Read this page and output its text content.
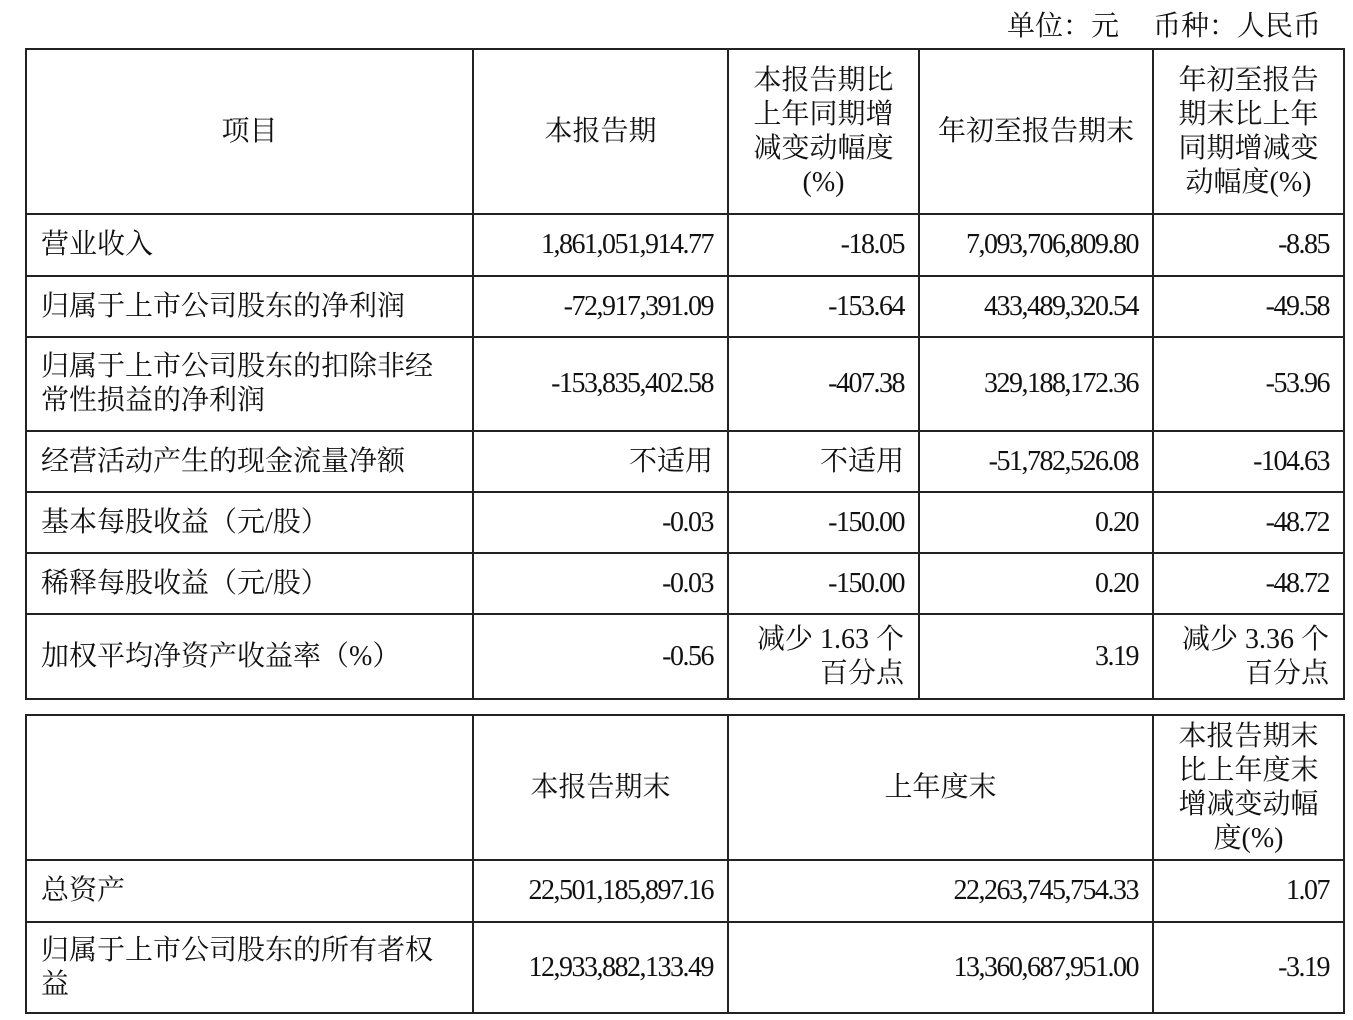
单位：元 币种：人民币
项目	本报告期	本报告期比上年同期增减变动幅度(%)	年初至报告期末	年初至报告期末比上年同期增减变动幅度(%)
营业收入	1,861,051,914.77	-18.05	7,093,706,809.80	-8.85
归属于上市公司股东的净利润	-72,917,391.09	-153.64	433,489,320.54	-49.58
归属于上市公司股东的扣除非经常性损益的净利润	-153,835,402.58	-407.38	329,188,172.36	-53.96
经营活动产生的现金流量净额	不适用	不适用	-51,782,526.08	-104.63
基本每股收益（元/股）	-0.03	-150.00	0.20	-48.72
稀释每股收益（元/股）	-0.03	-150.00	0.20	-48.72
加权平均净资产收益率（%）	-0.56	减少 1.63 个百分点	3.19	减少 3.36 个百分点
	本报告期末	上年度末	本报告期末比上年度末增减变动幅度(%)
总资产	22,501,185,897.16	22,263,745,754.33	1.07
归属于上市公司股东的所有者权益	12,933,882,133.49	13,360,687,951.00	-3.19
